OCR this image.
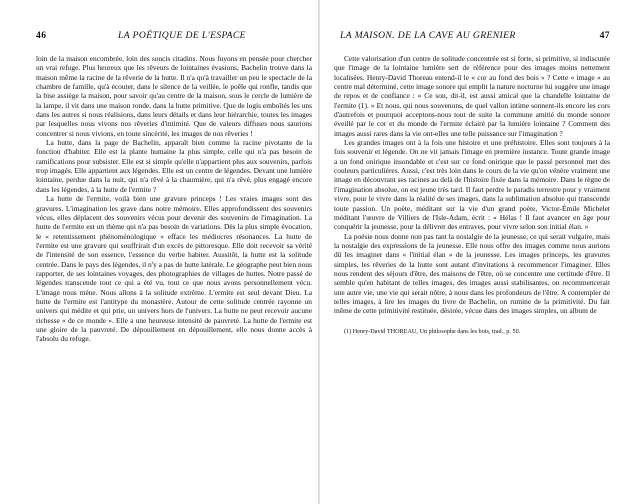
46	LA POÉTIQUE DE L'ESPACE

loin de la maison encombrée, loin des soucis citadins. Nous fuyons en pensée pour chercher un vrai refuge. Plus heureux que les rêveurs de lointaines évasions, Bachelin trouve dans la maison même la racine de la rêverie de la hutte. Il n'a qu'à travailler un peu le spectacle de la chambre de famille, qu'à écouter, dans le silence de la veillée, le poêle qui ronfle, tandis que la bise assiège la maison, pour savoir qu'au centre de la maison, sous le cercle de lumière de la lampe, il vit dans une maison ronde, dans la hutte primitive. Que de logis emboîtés les uns dans les autres si nous réalisions, dans leurs détails et dans leur hiérarchie, toutes les images par lesquelles nous vivons nos rêveries d'intimité. Que de valeurs diffuses nous saurions concentrer si nous vivions, en toute sincérité, les images de nos rêveries !

La hutte, dans la page de Bachelin, apparaît bien comme la racine pivotante de la fonction d'habiter. Elle est la plante humaine la plus simple, celle qui n'a pas besoin de ramifications pour subsister. Elle est si simple qu'elle n'appartient plus aux souvenirs, parfois trop imagés. Elle appartient aux légendes. Elle est un centre de légendes. Devant une lumière lointaine, perdue dans la nuit, qui n'a rêvé à la chaumière, qui n'a rêvé, plus engagé encore dans les légendes, à la hutte de l'ermite ?

La hutte de l'ermite, voilà bien une gravure princeps ! Les vraies images sont des gravures. L'imagination les grave dans notre mémoire. Elles approfondissent des souvenirs vécus, elles déplacent des souvenirs vécus pour devenir des souvenirs de l'imagination. La hutte de l'ermite est un thème qui n'a pas besoin de variations. Dès la plus simple évocation, le « retentissement phénoménologique » efface les médiocres résonances. La hutte de l'ermite est une gravure qui souffrirait d'un excès de pittoresque. Elle doit recevoir sa vérité de l'intensité de son essence, l'essence du verbe habiter. Aussitôt, la hutte est la solitude centrée. Dans le pays des légendes, il n'y a pas de hutte latérale. Le géographe peut bien nous rapporter, de ses lointaines voyages, des photographies de villages de huttes. Notre passé de légendes transcende tout ce qui a été vu, tout ce que nous avons personnellement vécu. L'image nous mène. Nous allons à la solitude extrême. L'ermite est seul devant Dieu. La hutte de l'ermite est l'antitype du monastère. Autour de cette solitude centrée rayonne un univers qui médite et qui prie, un univers hors de l'univers. La hutte ne peut recevoir aucune richesse « de ce monde ». Elle a une heureuse intensité de pauvreté. La hutte de l'ermite est une gloire de la pauvreté. De dépouillement en dépouillement, elle nous donne accès à l'absolu du refuge.

LA MAISON. DE LA CAVE AU GRENIER	47

Cette valorisation d'un centre de solitude concentrée est si forte, si primitive, si indiscutée que l'image de la lointaine lumière sert de référence pour des images moins nettement localisées. Henry-David Thoreau entend-il le « cor au fond des bois » ? Cette « image » au centre mal déterminé, cette image sonore qui emplit la nature nocturne lui suggère une image de repos et de confiance : « Ce son, dit-il, est aussi amical que la chandelle lointaine de l'ermite (1). » Et nous, qui nous souvenons, de quel vallon intime sonnent-ils encore les cors d'autrefois et pourquoi acceptons-nous tout de suite la commune amitié du monde sonore éveillé par le cor et du monde de l'ermite éclairé par la lumière lointaine ? Comment des images aussi rares dans la vie ont-elles une telle puissance sur l'imagination ?

Les grandes images ont à la fois une histoire et une préhistoire. Elles sont toujours à la fois souvenir et légende. On ne vit jamais l'image en première instance. Toute grande image a un fond onirique insondable et c'est sur ce fond onirique que le passé personnel met des couleurs particulières. Aussi, c'est très loin dans le cours de la vie qu'on vénère vraiment une image en découvrant ses racines au delà de l'histoire fixée dans la mémoire. Dans le règne de l'imagination absolue, on est jeune très tard. Il faut perdre le paradis terrestre pour y vraiment vivre, pour le vivre dans la réalité de ses images, dans la sublimation absolue qui transcende toute passion. Un poète, méditant sur la vie d'un grand poète, Victor-Émile Michelet méditant l'œuvre de Villiers de l'Isle-Adam, écrit : « Hélas ! Il faut avancer en âge pour conquérir la jeunesse, pour la délivrer des entraves, pour vivre selon son initial élan. »

La poésie nous donne non pas tant la nostalgie de la jeunesse, ce qui serait vulgaire, mais la nostalgie des expressions de la jeunesse. Elle nous offre des images comme nous aurions dû les imaginer dans « l'initial élan » de la jeunesse. Les images princeps, les gravures simples, les rêveries de la hutte sont autant d'invitations à recommencer l'imaginer. Elles nous rendent des séjours d'être, des maisons de l'être, où se concentre une certitude d'être. Il semble qu'en habitant de telles images, des images aussi stabilisantes, on recommencerait une autre vie, une vie qui serait nôtre, à nous dans les profondeurs de l'être. A contempler de telles images, à lire les images du livre de Bachelin, on rumine de la primitivité. Du fait même de cette primitivité restituée, désirée, vécue dans des images simples, un album de

(1) Henry-David THOREAU, Un philosophe dans les bois, trad., p. 50.
